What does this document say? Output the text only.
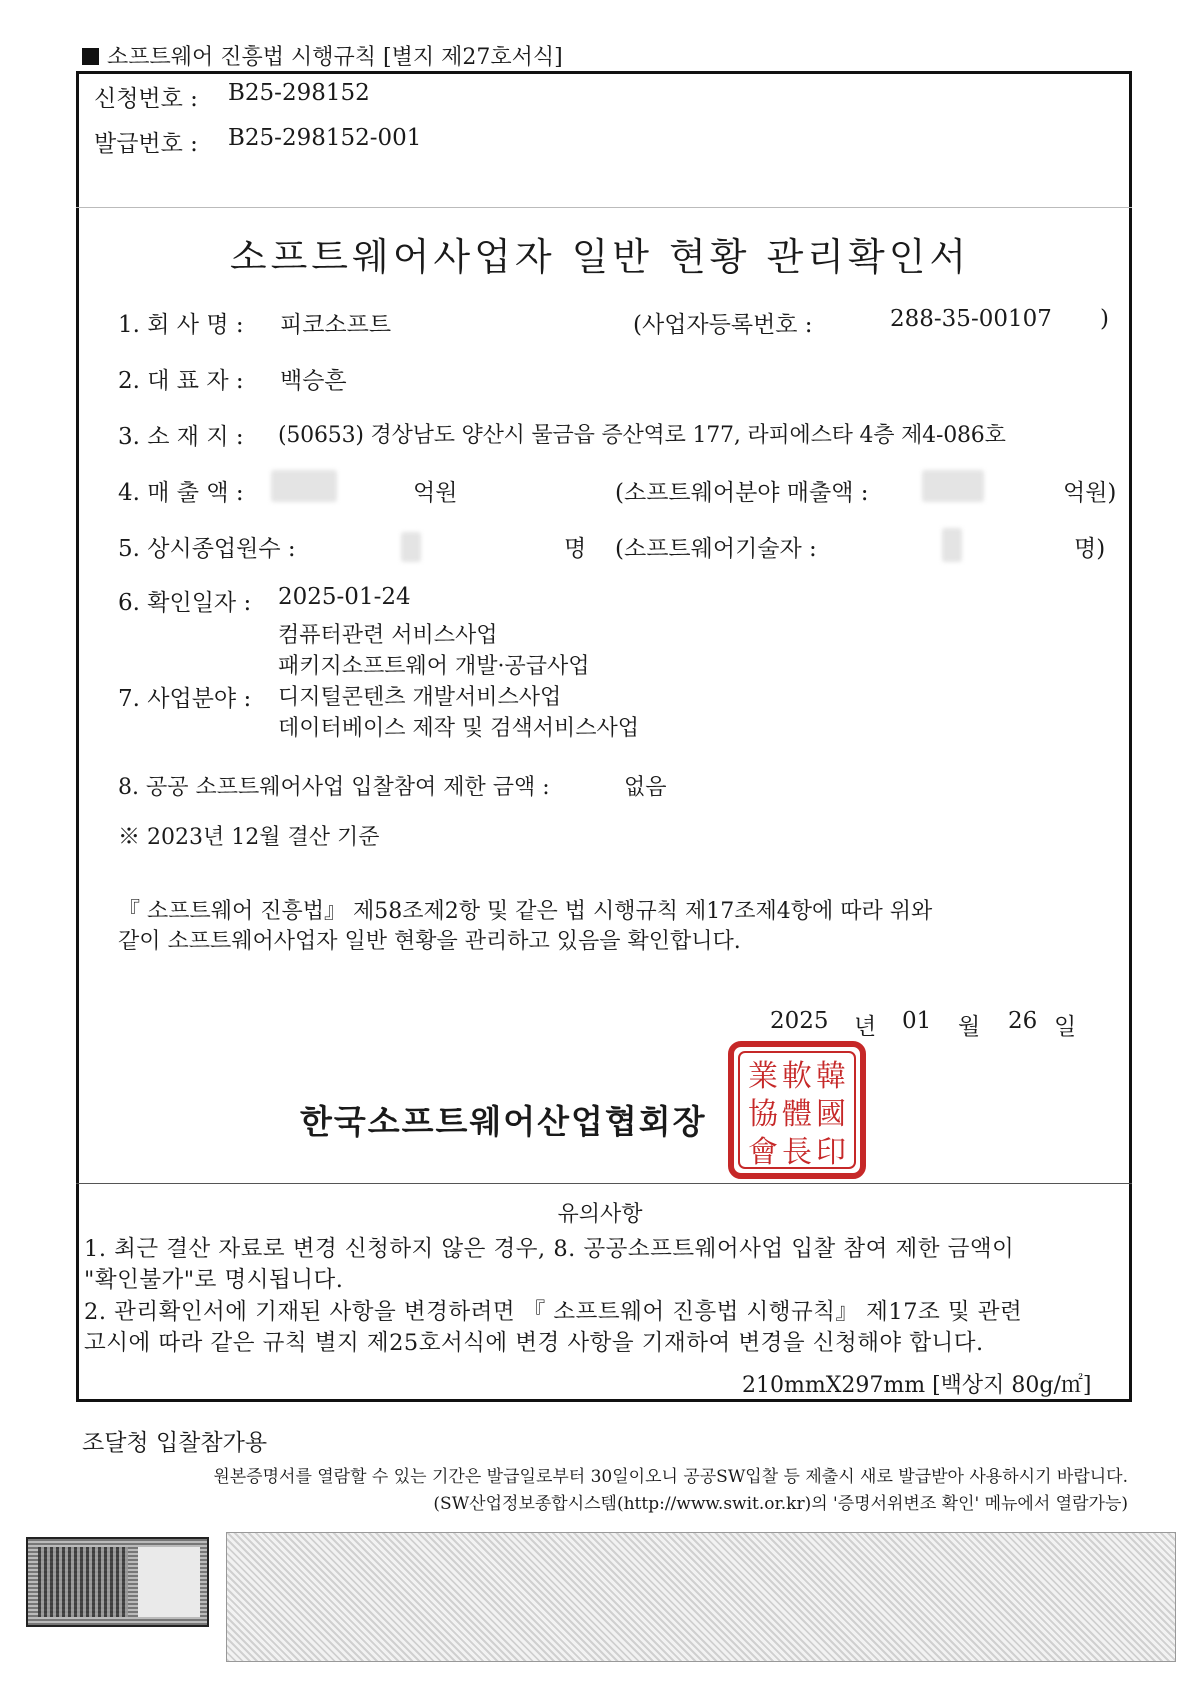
소프트웨어 진흥법 시행규칙 [별지 제27호서식]
신청번호 : B25-298152
발급번호 : B25-298152-001
소프트웨어사업자 일반 현황 관리확인서
1. 회 사 명 : 피코소프트	(사업자등록번호 :	288-35-00107 )
2. 대 표 자 : 백승흔
3. 소 재 지 : (50653) 경상남도 양산시 물금읍 증산역로 177, 라피에스타 4층 제4-086호
4. 매 출 액 :	억원	(소프트웨어분야 매출액 :	억원)
5. 상시종업원수 :	명 (소프트웨어기술자 :	명)
6. 확인일자 : 2025-01-24
컴퓨터관련 서비스사업
패키지소프트웨어 개발·공급사업
7. 사업분야 : 디지털콘텐츠 개발서비스사업
데이터베이스 제작 및 검색서비스사업
8. 공공 소프트웨어사업 입찰참여 제한 금액 :	없음
※ 2023년 12월 결산 기준
『 소프트웨어 진흥법』 제58조제2항 및 같은 법 시행규칙 제17조제4항에 따라 위와
같이 소프트웨어사업자 일반 현황을 관리하고 있음을 확인합니다.
2025 년 01 월 26 일
한국소프트웨어산업협회장
業 軟 韓
協 體 國
會 長 印
유의사항
1. 최근 결산 자료로 변경 신청하지 않은 경우, 8. 공공소프트웨어사업 입찰 참여 제한 금액이
"확인불가"로 명시됩니다.
2. 관리확인서에 기재된 사항을 변경하려면 『 소프트웨어 진흥법 시행규칙』 제17조 및 관련
고시에 따라 같은 규칙 별지 제25호서식에 변경 사항을 기재하여 변경을 신청해야 합니다.
210mmX297mm [백상지 80g/㎡]
조달청 입찰참가용
원본증명서를 열람할 수 있는 기간은 발급일로부터 30일이오니 공공SW입찰 등 제출시 새로 발급받아 사용하시기 바랍니다.
(SW산업정보종합시스템(http://www.swit.or.kr)의 '증명서위변조 확인' 메뉴에서 열람가능)
